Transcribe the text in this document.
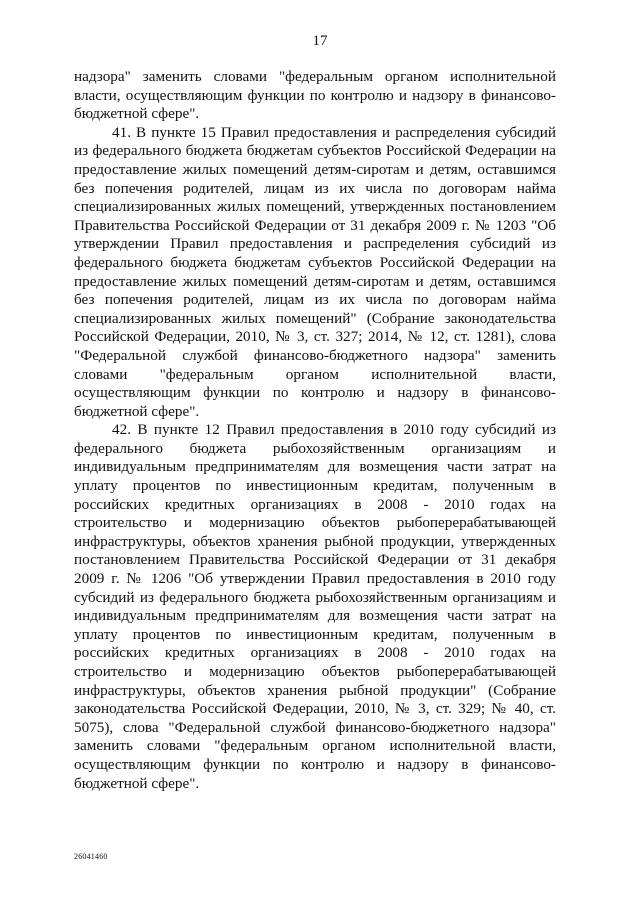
17

надзора" заменить словами "федеральным органом исполнительной власти, осуществляющим функции по контролю и надзору в финансово-бюджетной сфере".

41. В пункте 15 Правил предоставления и распределения субсидий из федерального бюджета бюджетам субъектов Российской Федерации на предоставление жилых помещений детям-сиротам и детям, оставшимся без попечения родителей, лицам из их числа по договорам найма специализированных жилых помещений, утвержденных постановлением Правительства Российской Федерации от 31 декабря 2009 г. № 1203 "Об утверждении Правил предоставления и распределения субсидий из федерального бюджета бюджетам субъектов Российской Федерации на предоставление жилых помещений детям-сиротам и детям, оставшимся без попечения родителей, лицам из их числа по договорам найма специализированных жилых помещений" (Собрание законодательства Российской Федерации, 2010, № 3, ст. 327; 2014, № 12, ст. 1281), слова "Федеральной службой финансово-бюджетного надзора" заменить словами "федеральным органом исполнительной власти, осуществляющим функции по контролю и надзору в финансово-бюджетной сфере".

42. В пункте 12 Правил предоставления в 2010 году субсидий из федерального бюджета рыбохозяйственным организациям и индивидуальным предпринимателям для возмещения части затрат на уплату процентов по инвестиционным кредитам, полученным в российских кредитных организациях в 2008 - 2010 годах на строительство и модернизацию объектов рыбоперерабатывающей инфраструктуры, объектов хранения рыбной продукции, утвержденных постановлением Правительства Российской Федерации от 31 декабря 2009 г. № 1206 "Об утверждении Правил предоставления в 2010 году субсидий из федерального бюджета рыбохозяйственным организациям и индивидуальным предпринимателям для возмещения части затрат на уплату процентов по инвестиционным кредитам, полученным в российских кредитных организациях в 2008 - 2010 годах на строительство и модернизацию объектов рыбоперерабатывающей инфраструктуры, объектов хранения рыбной продукции" (Собрание законодательства Российской Федерации, 2010, № 3, ст. 329; № 40, ст. 5075), слова "Федеральной службой финансово-бюджетного надзора" заменить словами "федеральным органом исполнительной власти, осуществляющим функции по контролю и надзору в финансово-бюджетной сфере".

26041460
